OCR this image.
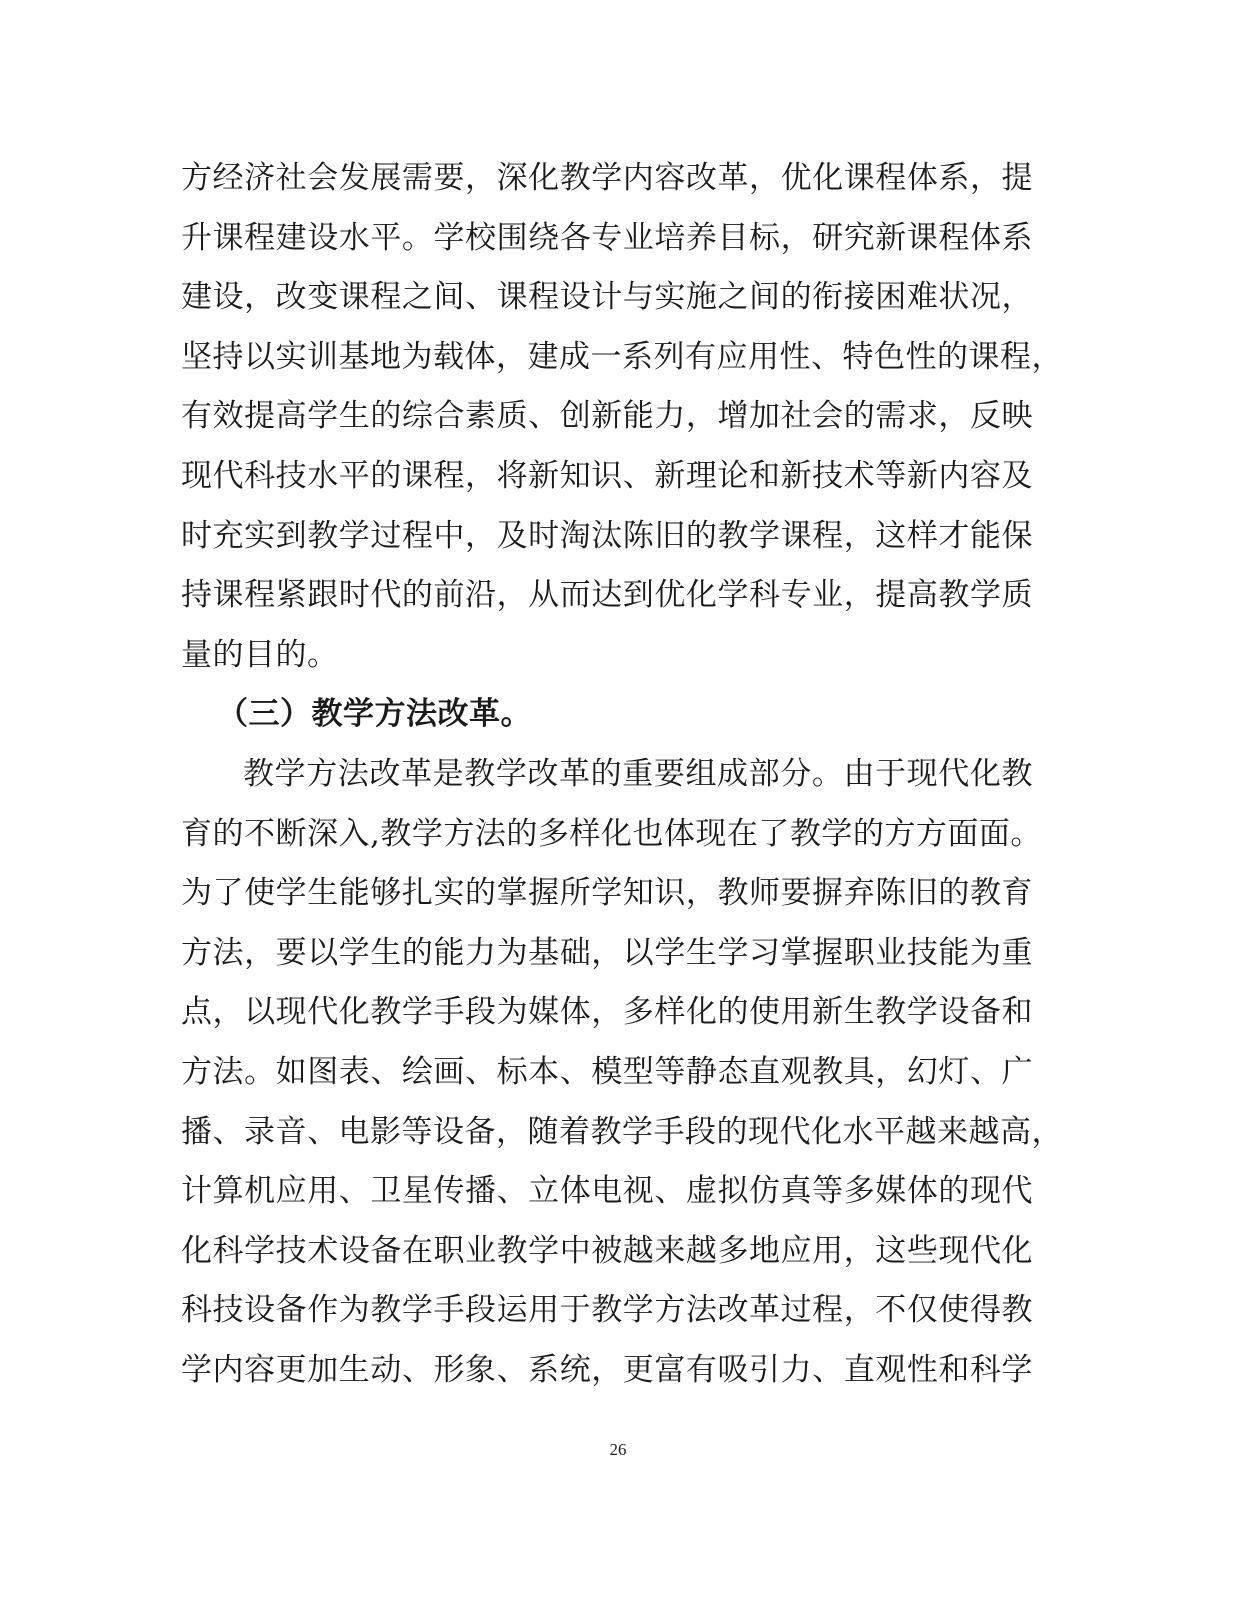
方经济社会发展需要，深化教学内容改革，优化课程体系，提
升课程建设水平。学校围绕各专业培养目标，研究新课程体系
建设，改变课程之间、课程设计与实施之间的衔接困难状况，
坚持以实训基地为载体，建成一系列有应用性、特色性的课程，
有效提高学生的综合素质、创新能力，增加社会的需求，反映
现代科技水平的课程，将新知识、新理论和新技术等新内容及
时充实到教学过程中，及时淘汰陈旧的教学课程，这样才能保
持课程紧跟时代的前沿，从而达到优化学科专业，提高教学质
量的目的。
（三）教学方法改革。
教学方法改革是教学改革的重要组成部分。由于现代化教
育的不断深入,教学方法的多样化也体现在了教学的方方面面。
为了使学生能够扎实的掌握所学知识，教师要摒弃陈旧的教育
方法，要以学生的能力为基础，以学生学习掌握职业技能为重
点，以现代化教学手段为媒体，多样化的使用新生教学设备和
方法。如图表、绘画、标本、模型等静态直观教具，幻灯、广
播、录音、电影等设备，随着教学手段的现代化水平越来越高，
计算机应用、卫星传播、立体电视、虚拟仿真等多媒体的现代
化科学技术设备在职业教学中被越来越多地应用，这些现代化
科技设备作为教学手段运用于教学方法改革过程，不仅使得教
学内容更加生动、形象、系统，更富有吸引力、直观性和科学
26
